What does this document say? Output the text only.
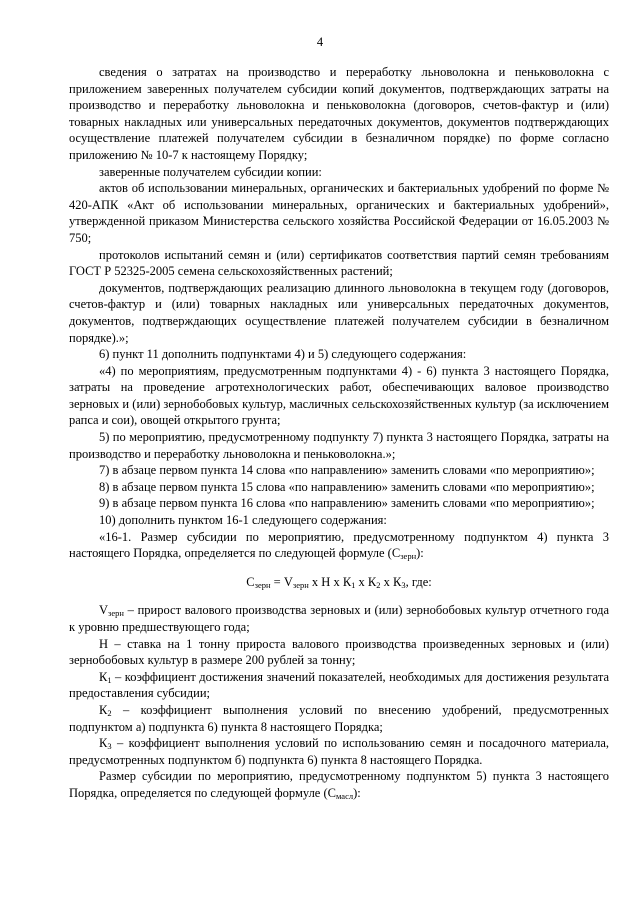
4

сведения о затратах на производство и переработку льноволокна и пеньковолокна с приложением заверенных получателем субсидии копий документов, подтверждающих затраты на производство и переработку льноволокна и пеньковолокна (договоров, счетов-фактур и (или) товарных накладных или универсальных передаточных документов, документов подтверждающих осуществление платежей получателем субсидии в безналичном порядке) по форме согласно приложению № 10-7 к настоящему Порядку;

заверенные получателем субсидии копии:

актов об использовании минеральных, органических и бактериальных удобрений по форме № 420-АПК «Акт об использовании минеральных, органических и бактериальных удобрений», утвержденной приказом Министерства сельского хозяйства Российской Федерации от 16.05.2003 № 750;

протоколов испытаний семян и (или) сертификатов соответствия партий семян требованиям ГОСТ Р 52325-2005 семена сельскохозяйственных растений;

документов, подтверждающих реализацию длинного льноволокна в текущем году (договоров, счетов-фактур и (или) товарных накладных или универсальных передаточных документов, документов, подтверждающих осуществление платежей получателем субсидии в безналичном порядке).»;

6) пункт 11 дополнить подпунктами 4) и 5) следующего содержания:

«4) по мероприятиям, предусмотренным подпунктами 4) - 6) пункта 3 настоящего Порядка, затраты на проведение агротехнологических работ, обеспечивающих валовое производство зерновых и (или) зернобобовых культур, масличных сельскохозяйственных культур (за исключением рапса и сои), овощей открытого грунта;

5) по мероприятию, предусмотренному подпункту 7) пункта 3 настоящего Порядка, затраты на производство и переработку льноволокна и пеньковолокна.»;

7) в абзаце первом пункта 14 слова «по направлению» заменить словами «по мероприятию»;

8) в абзаце первом пункта 15 слова «по направлению» заменить словами «по мероприятию»;

9) в абзаце первом пункта 16 слова «по направлению» заменить словами «по мероприятию»;

10) дополнить пунктом 16-1 следующего содержания:

«16-1. Размер субсидии по мероприятию, предусмотренному подпунктом 4) пункта 3 настоящего Порядка, определяется по следующей формуле $(С_{зерн})$:

$С_{зерн} = V_{зерн}$ х Н х $К_1$ х $К_2$ х $К_3$, где:

$V_{зерн}$ – прирост валового производства зерновых и (или) зернобобовых культур отчетного года к уровню предшествующего года;

Н – ставка на 1 тонну прироста валового производства произведенных зерновых и (или) зернобобовых культур в размере 200 рублей за тонну;

$К_1$ – коэффициент достижения значений показателей, необходимых для достижения результата предоставления субсидии;

$К_2$ – коэффициент выполнения условий по внесению удобрений, предусмотренных подпунктом а) подпункта 6) пункта 8 настоящего Порядка;

$К_3$ – коэффициент выполнения условий по использованию семян и посадочного материала, предусмотренных подпунктом б) подпункта 6) пункта 8 настоящего Порядка.

Размер субсидии по мероприятию, предусмотренному подпунктом 5) пункта 3 настоящего Порядка, определяется по следующей формуле $(С_{масл})$:
